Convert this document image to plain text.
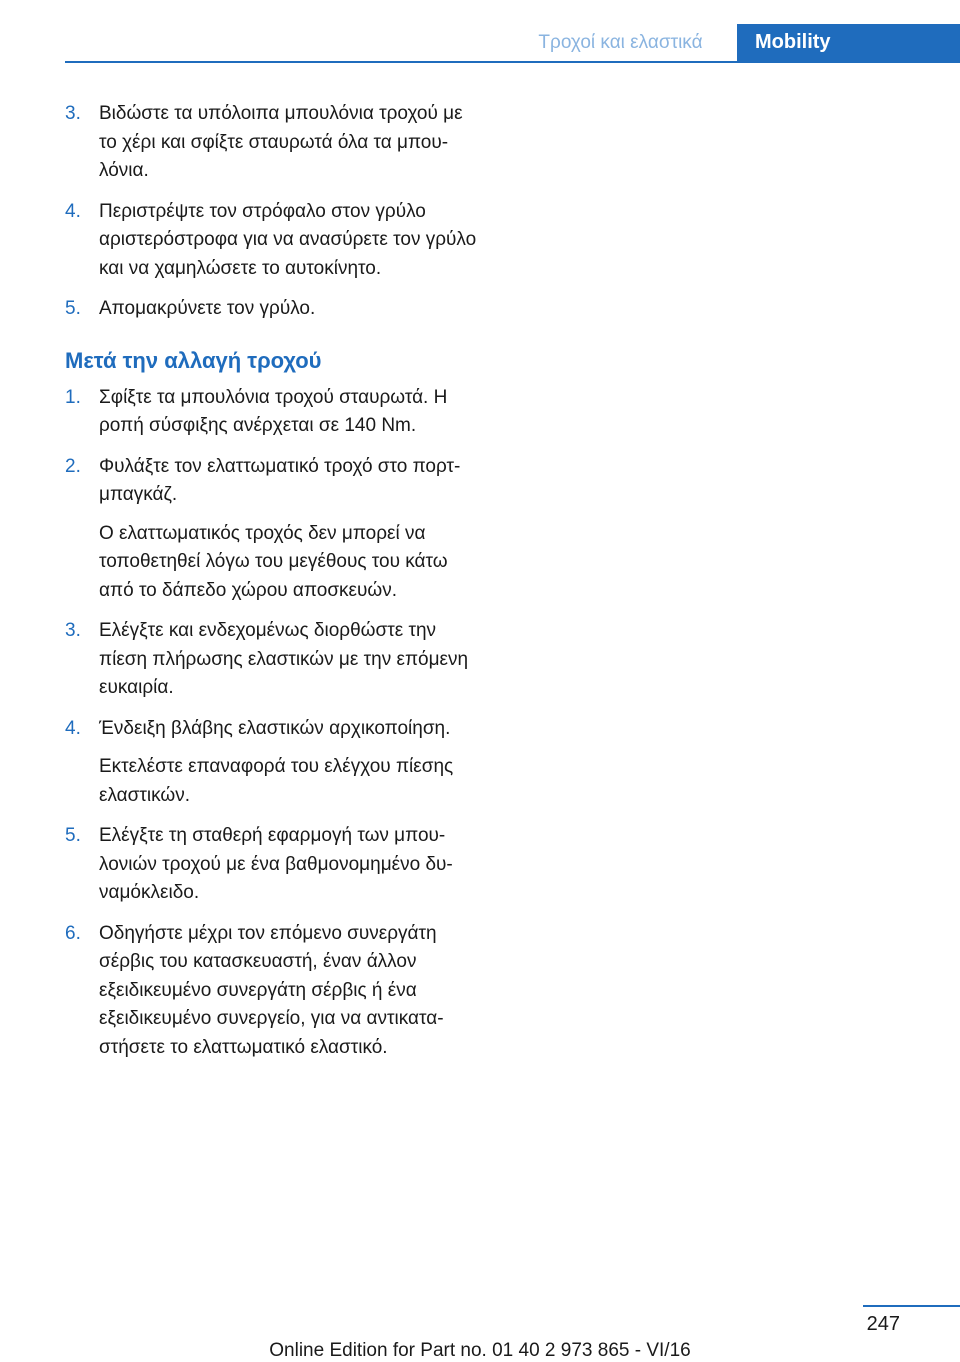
Τροχοί και ελαστικά	Mobility
3. Βιδώστε τα υπόλοιπα μπουλόνια τροχού με το χέρι και σφίξτε σταυρωτά όλα τα μπου‐λόνια.
4. Περιστρέψτε τον στρόφαλο στον γρύλο αριστερόστροφα για να ανασύρετε τον γρύλο και να χαμηλώσετε το αυτοκίνητο.
5. Απομακρύνετε τον γρύλο.
Μετά την αλλαγή τροχού
1. Σφίξτε τα μπουλόνια τροχού σταυρωτά. Η ροπή σύσφιξης ανέρχεται σε 140 Nm.
2. Φυλάξτε τον ελαττωματικό τροχό στο πορτ-μπαγκάζ.
Ο ελαττωματικός τροχός δεν μπορεί να τοποθετηθεί λόγω του μεγέθους του κάτω από το δάπεδο χώρου αποσκευών.
3. Ελέγξτε και ενδεχομένως διορθώστε την πίεση πλήρωσης ελαστικών με την επόμενη ευκαιρία.
4. Ένδειξη βλάβης ελαστικών αρχικοποίηση.
Εκτελέστε επαναφορά του ελέγχου πίεσης ελαστικών.
5. Ελέγξτε τη σταθερή εφαρμογή των μπου‐λονιών τροχού με ένα βαθμονομημένο δυ‐ναμόκλειδο.
6. Οδηγήστε μέχρι τον επόμενο συνεργάτη σέρβις του κατασκευαστή, έναν άλλον εξειδικευμένο συνεργάτη σέρβις ή ένα εξειδικευμένο συνεργείο, για να αντικατα‐στήσετε το ελαττωματικό ελαστικό.
247
Online Edition for Part no. 01 40 2 973 865 - VI/16
